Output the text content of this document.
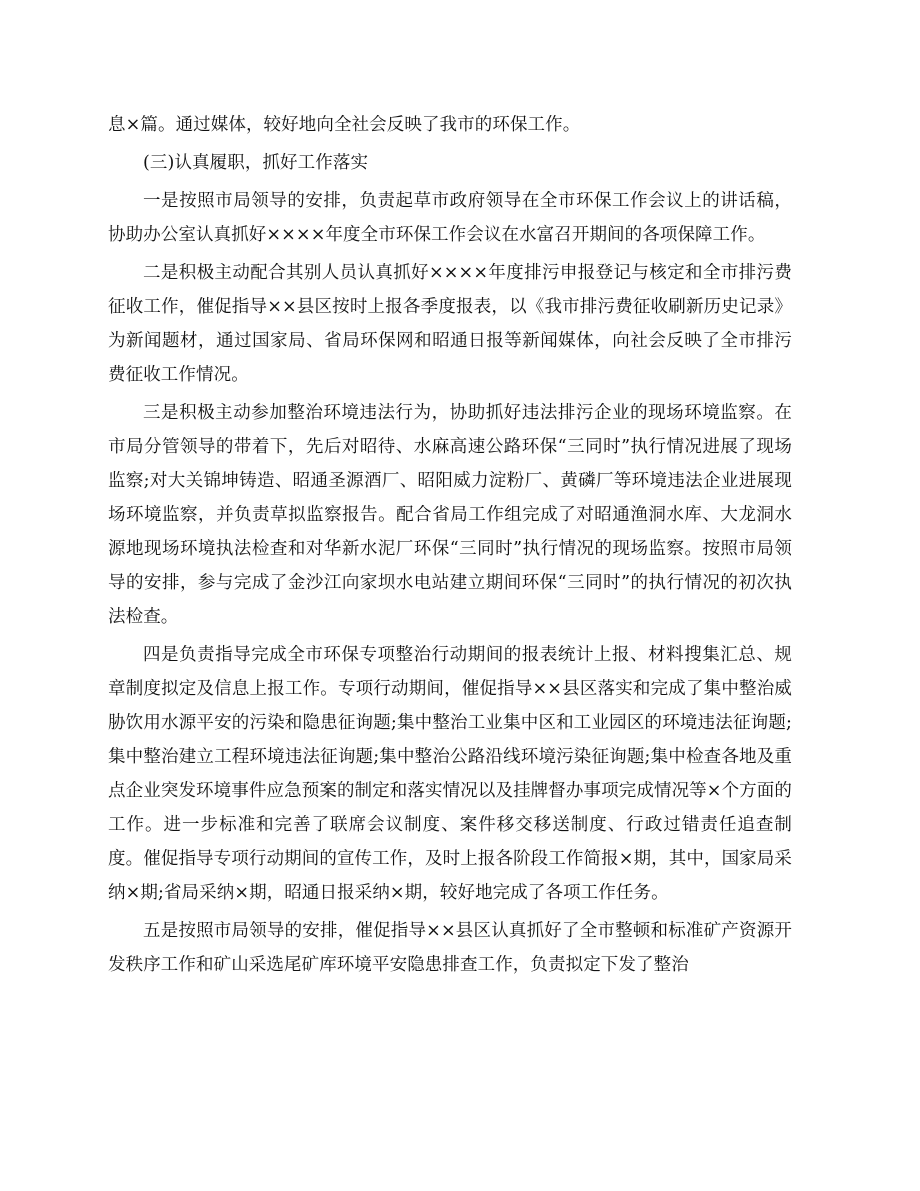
息×篇。通过媒体，较好地向全社会反映了我市的环保工作。

(三)认真履职，抓好工作落实

一是按照市局领导的安排，负责起草市政府领导在全市环保工作会议上的讲话稿，协助办公室认真抓好××××年度全市环保工作会议在水富召开期间的各项保障工作。

二是积极主动配合其别人员认真抓好××××年度排污申报登记与核定和全市排污费征收工作，催促指导××县区按时上报各季度报表，以《我市排污费征收刷新历史记录》为新闻题材，通过国家局、省局环保网和昭通日报等新闻媒体，向社会反映了全市排污费征收工作情况。

三是积极主动参加整治环境违法行为，协助抓好违法排污企业的现场环境监察。在市局分管领导的带着下，先后对昭待、水麻高速公路环保“三同时”执行情况进展了现场监察;对大关锦坤铸造、昭通圣源酒厂、昭阳威力淀粉厂、黄磷厂等环境违法企业进展现场环境监察，并负责草拟监察报告。配合省局工作组完成了对昭通渔洞水库、大龙洞水源地现场环境执法检查和对华新水泥厂环保“三同时”执行情况的现场监察。按照市局领导的安排，参与完成了金沙江向家坝水电站建立期间环保“三同时”的执行情况的初次执法检查。

四是负责指导完成全市环保专项整治行动期间的报表统计上报、材料搜集汇总、规章制度拟定及信息上报工作。专项行动期间，催促指导××县区落实和完成了集中整治威胁饮用水源平安的污染和隐患征询题;集中整治工业集中区和工业园区的环境违法征询题;集中整治建立工程环境违法征询题;集中整治公路沿线环境污染征询题;集中检查各地及重点企业突发环境事件应急预案的制定和落实情况以及挂牌督办事项完成情况等×个方面的工作。进一步标准和完善了联席会议制度、案件移交移送制度、行政过错责任追查制度。催促指导专项行动期间的宣传工作，及时上报各阶段工作简报×期，其中，国家局采纳×期;省局采纳×期，昭通日报采纳×期，较好地完成了各项工作任务。

五是按照市局领导的安排，催促指导××县区认真抓好了全市整顿和标准矿产资源开发秩序工作和矿山采选尾矿库环境平安隐患排查工作，负责拟定下发了整治
